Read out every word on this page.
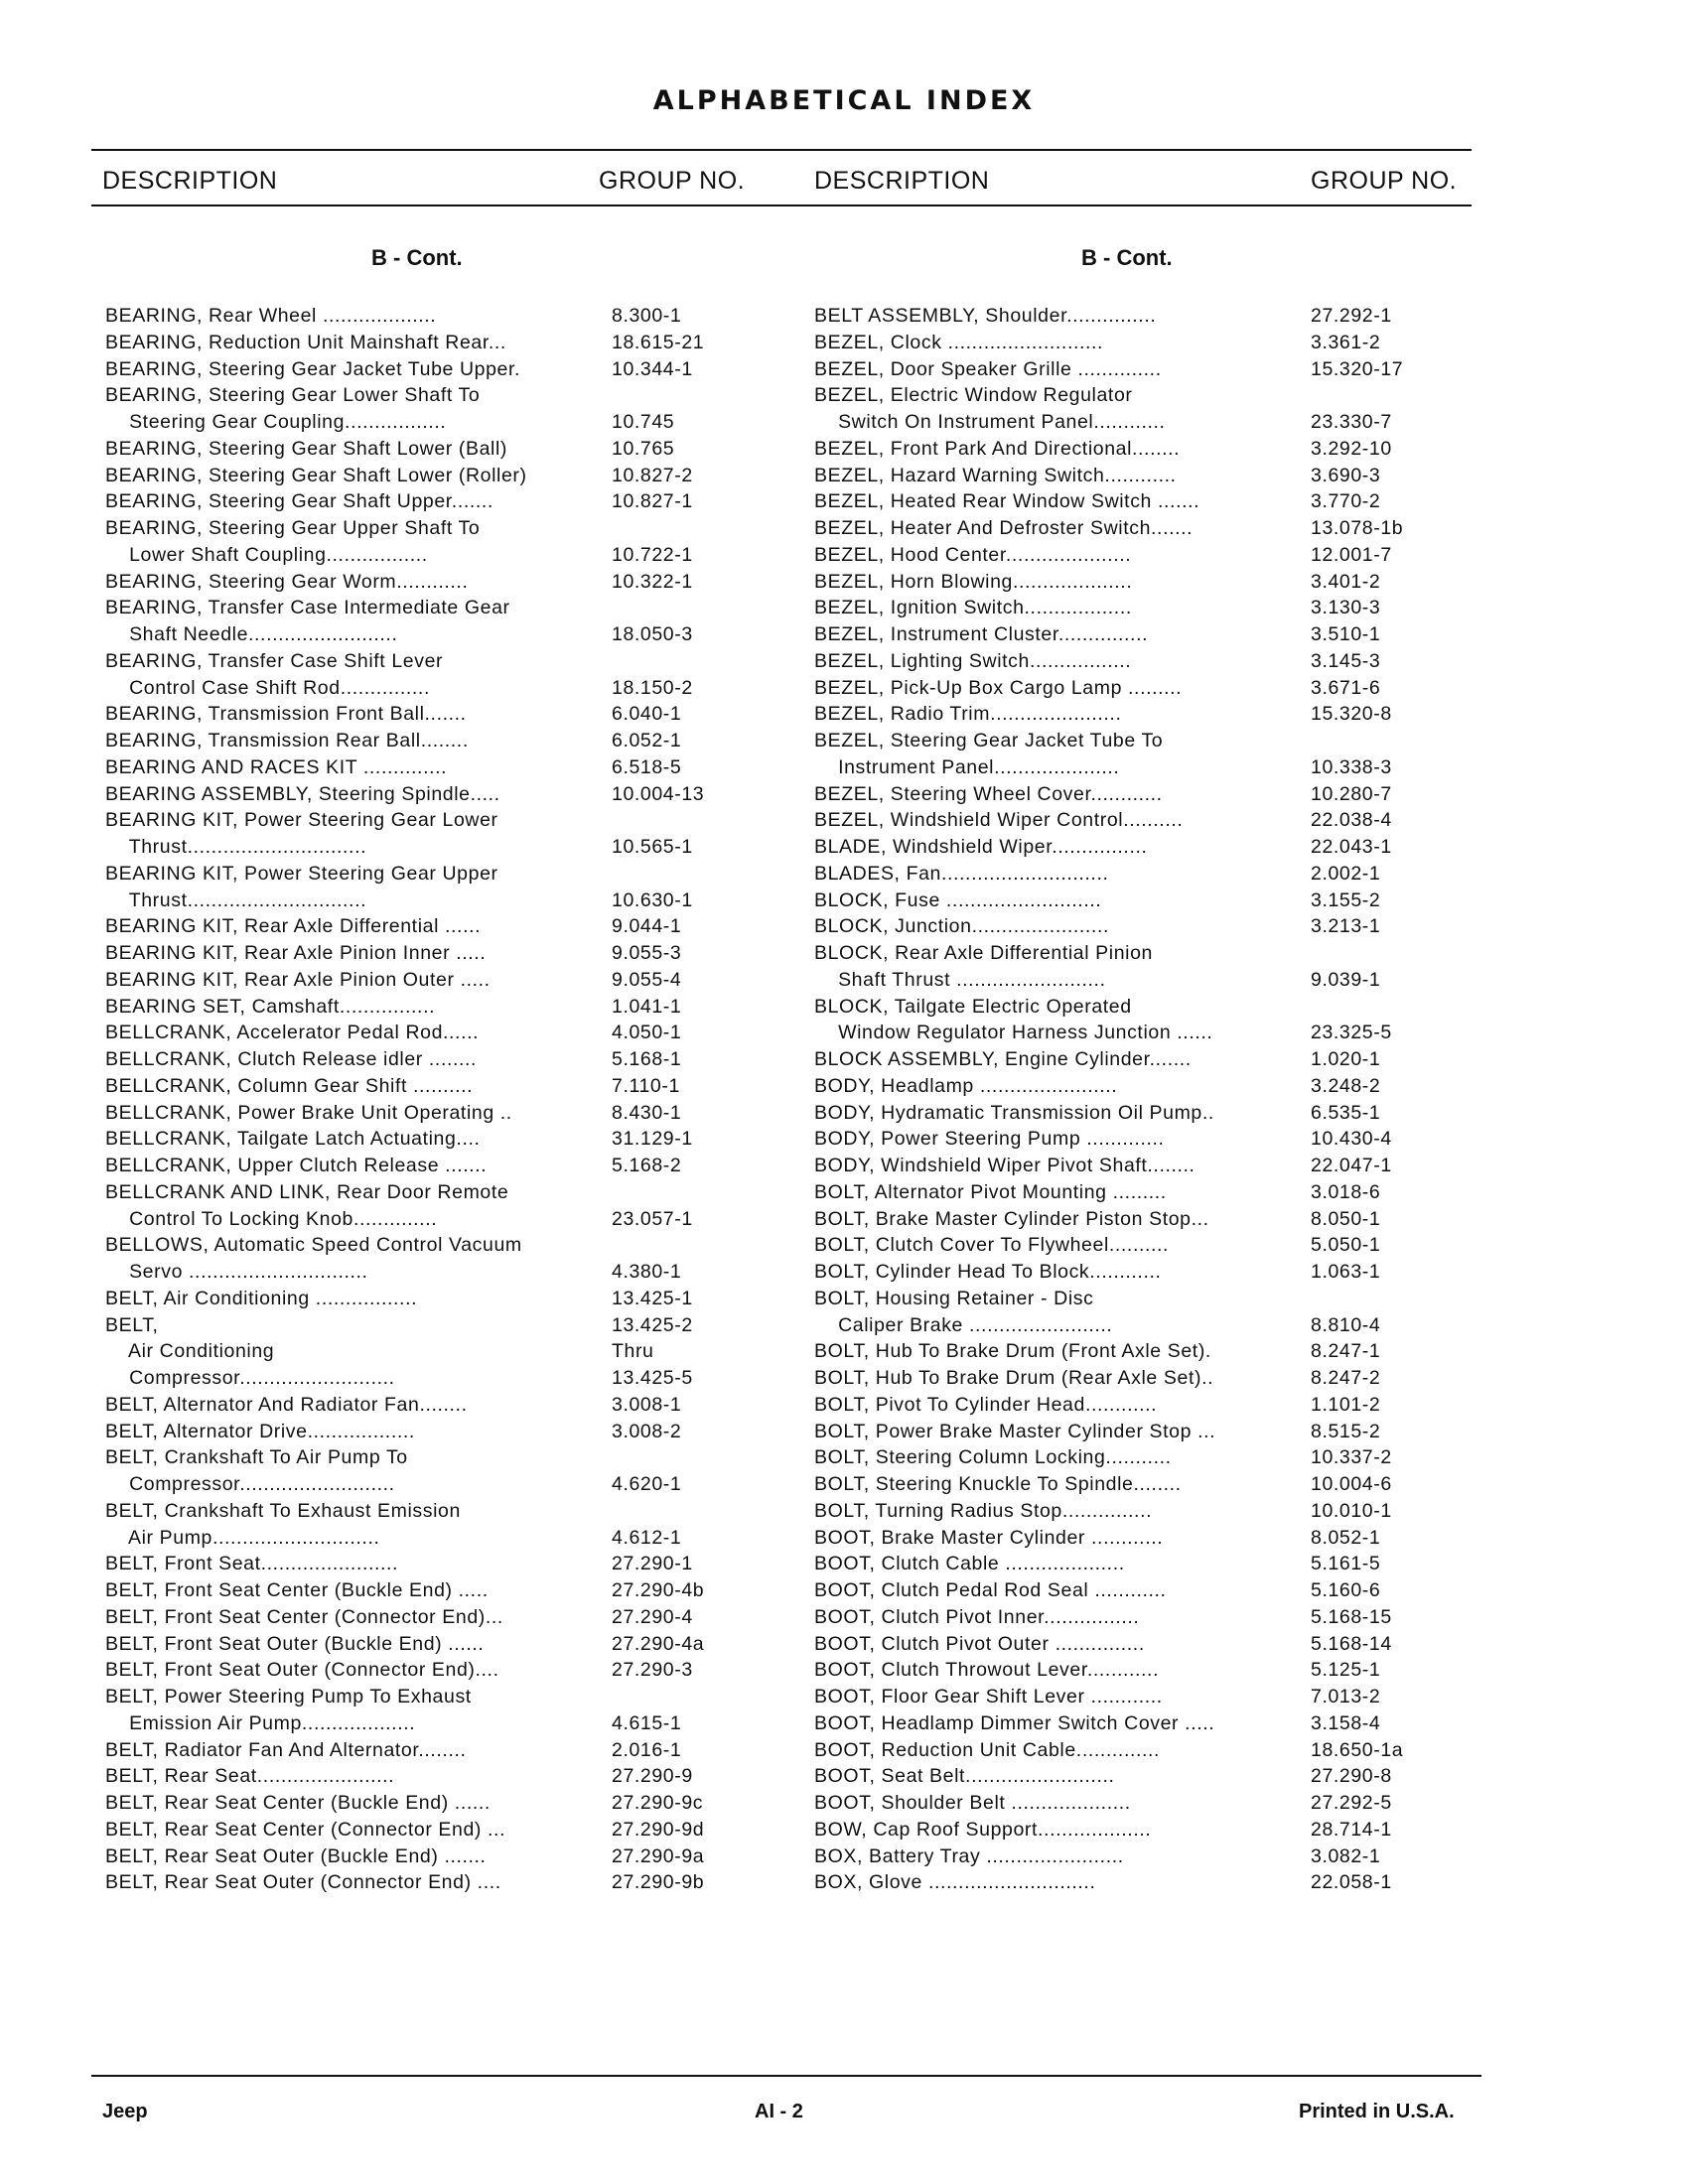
ALPHABETICAL INDEX
DESCRIPTION	GROUP NO.	DESCRIPTION	GROUP NO.
B - Cont.	B - Cont.
BEARING, Rear Wheel ...................	8.300-1
BEARING, Reduction Unit Mainshaft Rear...	18.615-21
BEARING, Steering Gear Jacket Tube Upper.	10.344-1
BEARING, Steering Gear Lower Shaft To
Steering Gear Coupling.................	10.745
BEARING, Steering Gear Shaft Lower (Ball)	10.765
BEARING, Steering Gear Shaft Lower (Roller)	10.827-2
BEARING, Steering Gear Shaft Upper.......	10.827-1
BEARING, Steering Gear Upper Shaft To
Lower Shaft Coupling.................	10.722-1
BEARING, Steering Gear Worm............	10.322-1
BEARING, Transfer Case Intermediate Gear
Shaft Needle.........................	18.050-3
BEARING, Transfer Case Shift Lever
Control Case Shift Rod...............	18.150-2
BEARING, Transmission Front Ball.......	6.040-1
BEARING, Transmission Rear Ball........	6.052-1
BEARING AND RACES KIT ..............	6.518-5
BEARING ASSEMBLY, Steering Spindle.....	10.004-13
BEARING KIT, Power Steering Gear Lower
Thrust..............................	10.565-1
BEARING KIT, Power Steering Gear Upper
Thrust..............................	10.630-1
BEARING KIT, Rear Axle Differential ......	9.044-1
BEARING KIT, Rear Axle Pinion Inner .....	9.055-3
BEARING KIT, Rear Axle Pinion Outer .....	9.055-4
BEARING SET, Camshaft................	1.041-1
BELLCRANK, Accelerator Pedal Rod......	4.050-1
BELLCRANK, Clutch Release idler ........	5.168-1
BELLCRANK, Column Gear Shift ..........	7.110-1
BELLCRANK, Power Brake Unit Operating ..	8.430-1
BELLCRANK, Tailgate Latch Actuating....	31.129-1
BELLCRANK, Upper Clutch Release .......	5.168-2
BELLCRANK AND LINK, Rear Door Remote
Control To Locking Knob..............	23.057-1
BELLOWS, Automatic Speed Control Vacuum
Servo ..............................	4.380-1
BELT, Air Conditioning .................	13.425-1
BELT,	13.425-2
Air Conditioning	Thru
Compressor..........................	13.425-5
BELT, Alternator And Radiator Fan........	3.008-1
BELT, Alternator Drive..................	3.008-2
BELT, Crankshaft To Air Pump To
Compressor..........................	4.620-1
BELT, Crankshaft To Exhaust Emission
Air Pump............................	4.612-1
BELT, Front Seat.......................	27.290-1
BELT, Front Seat Center (Buckle End) .....	27.290-4b
BELT, Front Seat Center (Connector End)...	27.290-4
BELT, Front Seat Outer (Buckle End) ......	27.290-4a
BELT, Front Seat Outer (Connector End)....	27.290-3
BELT, Power Steering Pump To Exhaust
Emission Air Pump...................	4.615-1
BELT, Radiator Fan And Alternator........	2.016-1
BELT, Rear Seat.......................	27.290-9
BELT, Rear Seat Center (Buckle End) ......	27.290-9c
BELT, Rear Seat Center (Connector End) ...	27.290-9d
BELT, Rear Seat Outer (Buckle End) .......	27.290-9a
BELT, Rear Seat Outer (Connector End) ....	27.290-9b
BELT ASSEMBLY, Shoulder...............	27.292-1
BEZEL, Clock ..........................	3.361-2
BEZEL, Door Speaker Grille ..............	15.320-17
BEZEL, Electric Window Regulator
Switch On Instrument Panel............	23.330-7
BEZEL, Front Park And Directional........	3.292-10
BEZEL, Hazard Warning Switch............	3.690-3
BEZEL, Heated Rear Window Switch .......	3.770-2
BEZEL, Heater And Defroster Switch.......	13.078-1b
BEZEL, Hood Center.....................	12.001-7
BEZEL, Horn Blowing....................	3.401-2
BEZEL, Ignition Switch..................	3.130-3
BEZEL, Instrument Cluster...............	3.510-1
BEZEL, Lighting Switch.................	3.145-3
BEZEL, Pick-Up Box Cargo Lamp .........	3.671-6
BEZEL, Radio Trim......................	15.320-8
BEZEL, Steering Gear Jacket Tube To
Instrument Panel.....................	10.338-3
BEZEL, Steering Wheel Cover............	10.280-7
BEZEL, Windshield Wiper Control..........	22.038-4
BLADE, Windshield Wiper................	22.043-1
BLADES, Fan............................	2.002-1
BLOCK, Fuse ..........................	3.155-2
BLOCK, Junction.......................	3.213-1
BLOCK, Rear Axle Differential Pinion
Shaft Thrust .........................	9.039-1
BLOCK, Tailgate Electric Operated
Window Regulator Harness Junction ......	23.325-5
BLOCK ASSEMBLY, Engine Cylinder.......	1.020-1
BODY, Headlamp .......................	3.248-2
BODY, Hydramatic Transmission Oil Pump..	6.535-1
BODY, Power Steering Pump .............	10.430-4
BODY, Windshield Wiper Pivot Shaft........	22.047-1
BOLT, Alternator Pivot Mounting .........	3.018-6
BOLT, Brake Master Cylinder Piston Stop...	8.050-1
BOLT, Clutch Cover To Flywheel..........	5.050-1
BOLT, Cylinder Head To Block............	1.063-1
BOLT, Housing Retainer - Disc
Caliper Brake ........................	8.810-4
BOLT, Hub To Brake Drum (Front Axle Set).	8.247-1
BOLT, Hub To Brake Drum (Rear Axle Set)..	8.247-2
BOLT, Pivot To Cylinder Head............	1.101-2
BOLT, Power Brake Master Cylinder Stop ...	8.515-2
BOLT, Steering Column Locking...........	10.337-2
BOLT, Steering Knuckle To Spindle........	10.004-6
BOLT, Turning Radius Stop...............	10.010-1
BOOT, Brake Master Cylinder ............	8.052-1
BOOT, Clutch Cable ....................	5.161-5
BOOT, Clutch Pedal Rod Seal ............	5.160-6
BOOT, Clutch Pivot Inner................	5.168-15
BOOT, Clutch Pivot Outer ...............	5.168-14
BOOT, Clutch Throwout Lever............	5.125-1
BOOT, Floor Gear Shift Lever ............	7.013-2
BOOT, Headlamp Dimmer Switch Cover .....	3.158-4
BOOT, Reduction Unit Cable..............	18.650-1a
BOOT, Seat Belt.........................	27.290-8
BOOT, Shoulder Belt ....................	27.292-5
BOW, Cap Roof Support...................	28.714-1
BOX, Battery Tray .......................	3.082-1
BOX, Glove ............................	22.058-1
Jeep	AI - 2	Printed in U.S.A.
